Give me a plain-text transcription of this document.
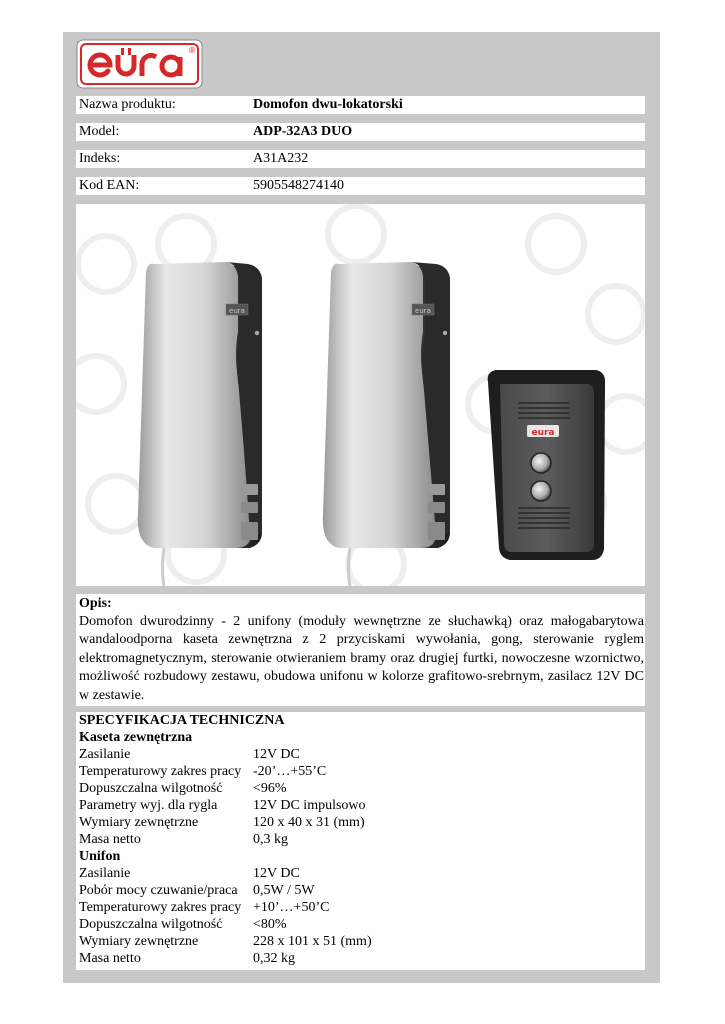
®
Nazwa produktu:	Domofon dwu-lokatorski
Model:	ADP-32A3 DUO
Indeks:	A31A232
Kod EAN:	5905548274140
eura	eura
eura
Opis:
Domofon dwurodzinny - 2 unifony (moduły wewnętrzne ze słuchawką) oraz małogabarytowa wandaloodporna kaseta zewnętrzna z 2 przyciskami wywołania, gong, sterowanie ryglem elektromagnetycznym, sterowanie otwieraniem bramy oraz drugiej furtki, nowoczesne wzornictwo, możliwość rozbudowy zestawu, obudowa unifonu w kolorze grafitowo-srebrnym, zasilacz 12V DC w zestawie.
SPECYFIKACJA TECHNICZNA
Kaseta zewnętrzna
Zasilanie	12V DC
Temperaturowy zakres pracy -20’…+55’C
Dopuszczalna wilgotność <96%
Parametry wyj. dla rygla	12V DC impulsowo
Wymiary zewnętrzne	120 x 40 x 31 (mm)
Masa netto	0,3 kg
Unifon
Zasilanie	12V DC
Pobór mocy czuwanie/praca 0,5W / 5W
Temperaturowy zakres pracy +10’…+50’C
Dopuszczalna wilgotność <80%
Wymiary zewnętrzne	228 x 101 x 51 (mm)
Masa netto	0,32 kg
